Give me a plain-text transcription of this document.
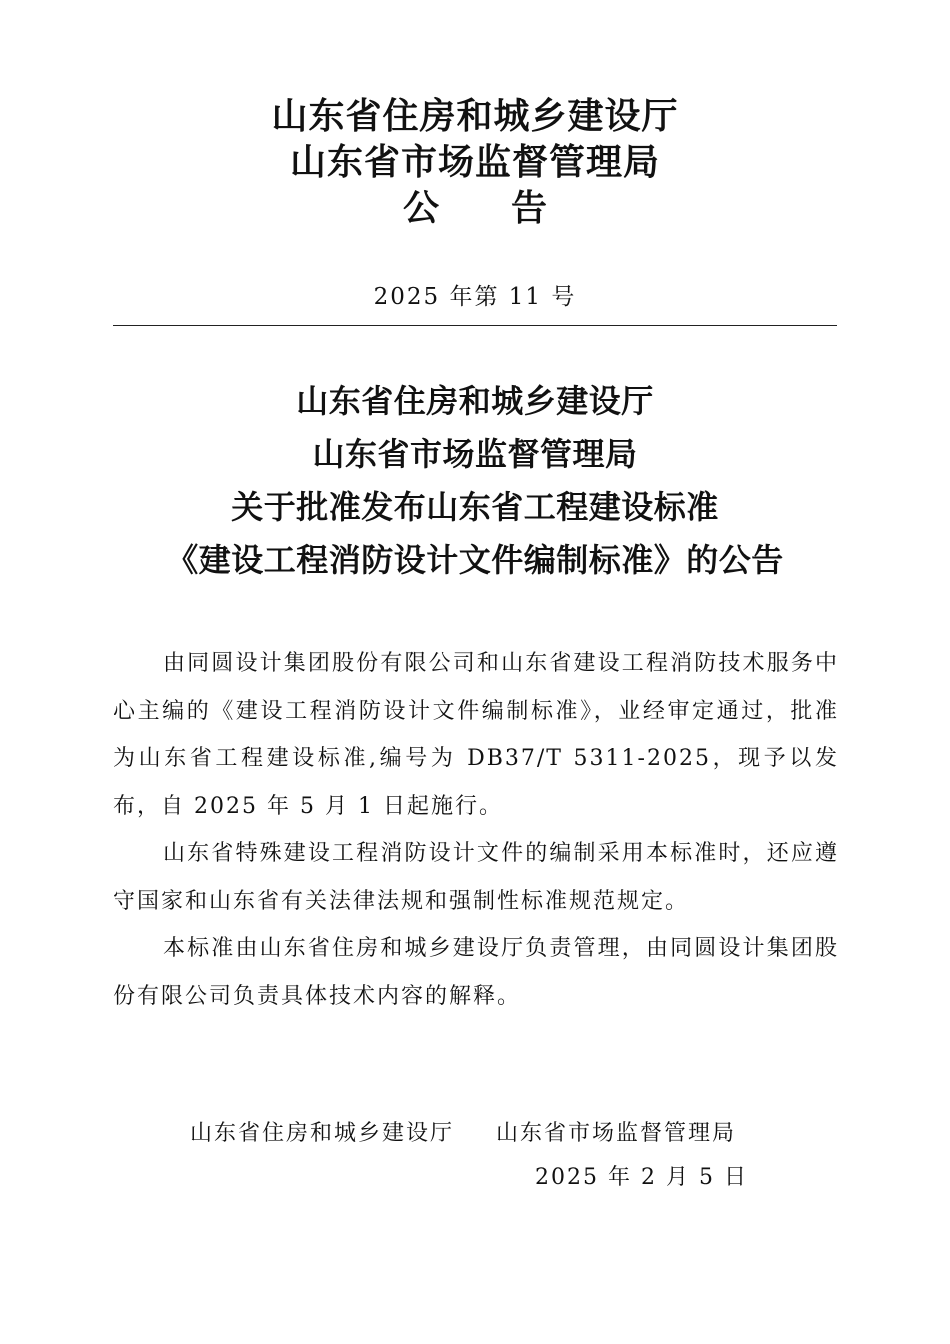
山东省住房和城乡建设厅
山东省市场监督管理局
公告
2025 年第 11 号
山东省住房和城乡建设厅
山东省市场监督管理局
关于批准发布山东省工程建设标准
《建设工程消防设计文件编制标准》的公告

由同圆设计集团股份有限公司和山东省建设工程消防技术服务中心主编的《建设工程消防设计文件编制标准》，业经审定通过，批准为山东省工程建设标准,编号为 DB37/T 5311-2025，现予以发布，自 2025 年 5 月 1 日起施行。

山东省特殊建设工程消防设计文件的编制采用本标准时，还应遵守国家和山东省有关法律法规和强制性标准规范规定。

本标准由山东省住房和城乡建设厅负责管理，由同圆设计集团股份有限公司负责具体技术内容的解释。

山东省住房和城乡建设厅 山东省市场监督管理局
2025 年 2 月 5 日
